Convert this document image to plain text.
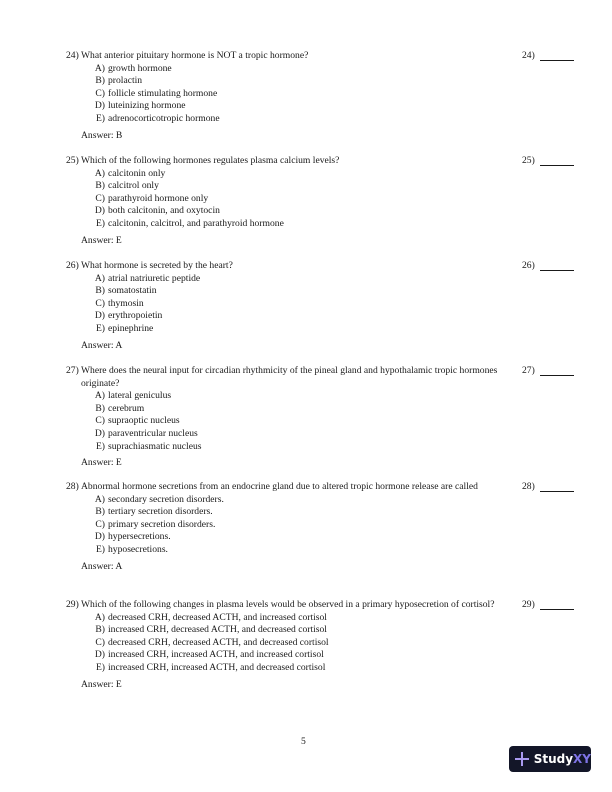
24) What anterior pituitary hormone is NOT a tropic hormone?	24)
A) growth hormone
B) prolactin
C) follicle stimulating hormone
D) luteinizing hormone
E) adrenocorticotropic hormone
Answer: B
25) Which of the following hormones regulates plasma calcium levels?	25)
A) calcitonin only
B) calcitrol only
C) parathyroid hormone only
D) both calcitonin, and oxytocin
E) calcitonin, calcitrol, and parathyroid hormone
Answer: E
26) What hormone is secreted by the heart?	26)
A) atrial natriuretic peptide
B) somatostatin
C) thymosin
D) erythropoietin
E) epinephrine
Answer: A
27) Where does the neural input for circadian rhythmicity of the pineal gland and hypothalamic tropic hormones originate?
27)
A) lateral geniculus
B) cerebrum
C) supraoptic nucleus
D) paraventricular nucleus
E) suprachiasmatic nucleus
Answer: E
28) Abnormal hormone secretions from an endocrine gland due to altered tropic hormone release are called	28)
A) secondary secretion disorders.
B) tertiary secretion disorders.
C) primary secretion disorders.
D) hypersecretions.
E) hyposecretions.
Answer: A
29) Which of the following changes in plasma levels would be observed in a primary hyposecretion of cortisol?	29)
A) decreased CRH, decreased ACTH, and increased cortisol
B) increased CRH, decreased ACTH, and decreased cortisol
C) decreased CRH, decreased ACTH, and decreased cortisol
D) increased CRH, increased ACTH, and increased cortisol
E) increased CRH, increased ACTH, and decreased cortisol
Answer: E
5
Study XY
